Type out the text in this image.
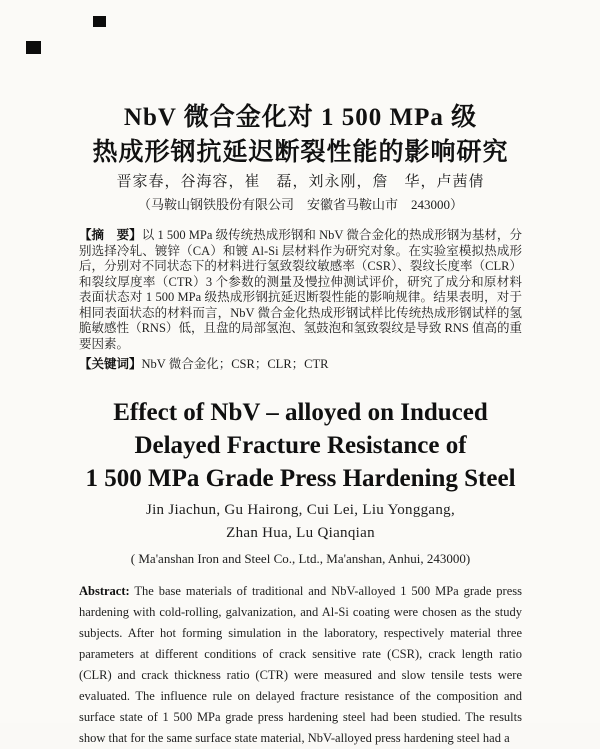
NbV 微合金化对 1 500 MPa 级
热成形钢抗延迟断裂性能的影响研究
晋家春，谷海容，崔　磊，刘永刚，詹　华，卢茜倩
（马鞍山钢铁股份有限公司　安徽省马鞍山市　243000）

【摘　要】以 1 500 MPa 级传统热成形钢和 NbV 微合金化的热成形钢为基材，分别选择冷轧、镀锌（CA）和镀 Al-Si 层材料作为研究对象。在实验室模拟热成形后，分别对不同状态下的材料进行氢致裂纹敏感率（CSR）、裂纹长度率（CLR）和裂纹厚度率（CTR）3 个参数的测量及慢拉伸测试评价，研究了成分和原材料表面状态对 1 500 MPa 级热成形钢抗延迟断裂性能的影响规律。结果表明，对于相同表面状态的材料而言，NbV 微合金化热成形钢试样比传统热成形钢试样的氢脆敏感性（RNS）低，且盘的局部氢泡、氢鼓泡和氢致裂纹是导致 RNS 值高的重要因素。

【关键词】NbV 微合金化；CSR；CLR；CTR

Effect of NbV – alloyed on Induced
Delayed Fracture Resistance of
1 500 MPa Grade Press Hardening Steel
Jin Jiachun, Gu Hairong, Cui Lei, Liu Yonggang,
Zhan Hua, Lu Qianqian
( Ma'anshan Iron and Steel Co., Ltd., Ma'anshan, Anhui, 243000)

Abstract: The base materials of traditional and NbV-alloyed 1 500 MPa grade press hardening with cold-rolling, galvanization, and Al-Si coating were chosen as the study subjects. After hot forming simulation in the laboratory, respectively material three parameters at different conditions of crack sensitive rate (CSR), crack length ratio (CLR) and crack thickness ratio (CTR) were measured and slow tensile tests were evaluated. The influence rule on delayed fracture resistance of the composition and surface state of 1 500 MPa grade press hardening steel had been studied. The results show that for the same surface state material, NbV-alloyed press hardening steel had a
